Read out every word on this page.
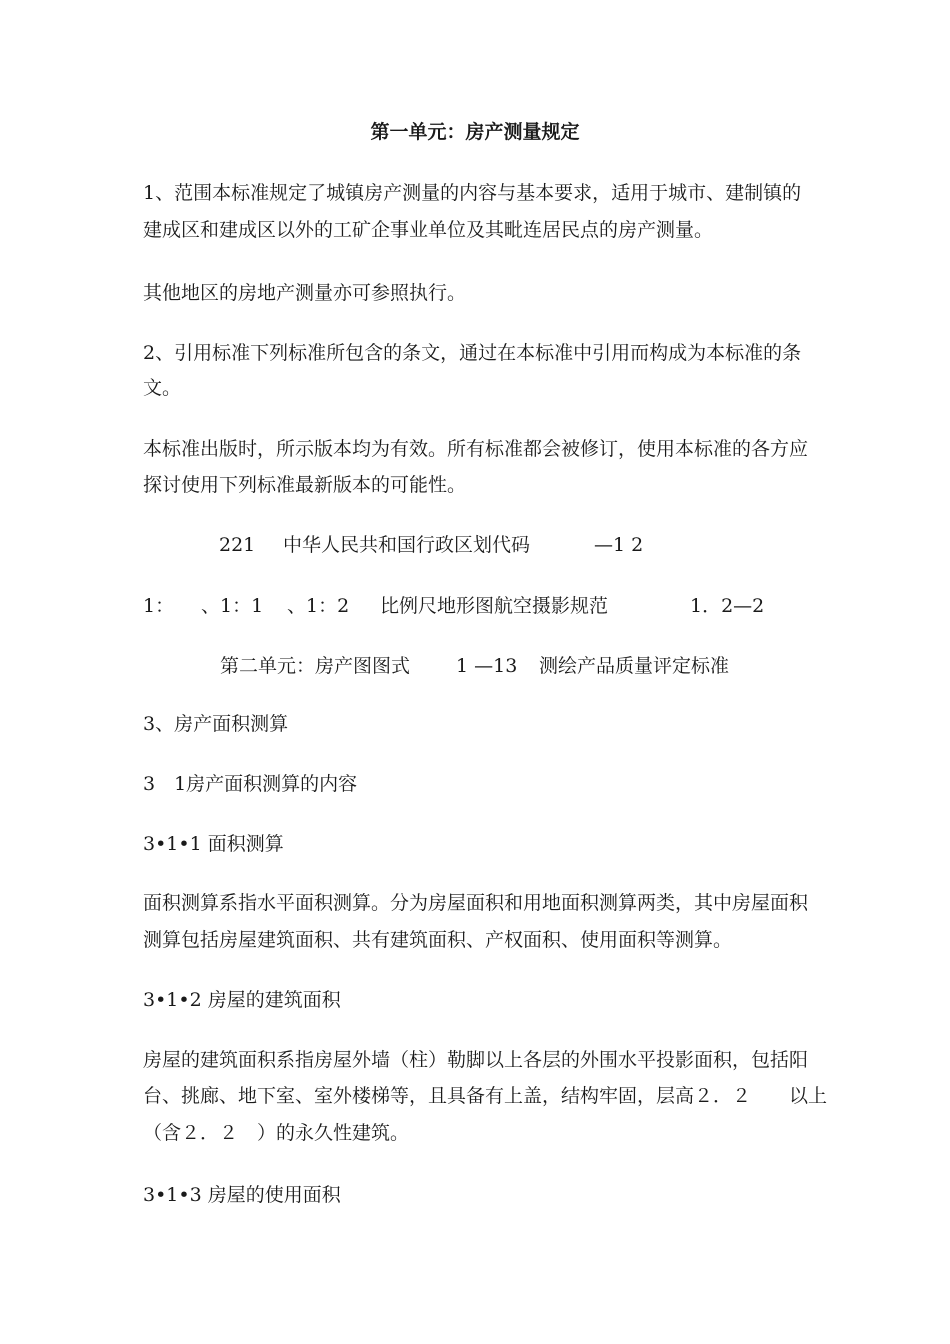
第一单元：房产测量规定

1、范围本标准规定了城镇房产测量的内容与基本要求，适用于城市、建制镇的

建成区和建成区以外的工矿企事业单位及其毗连居民点的房产测量。

其他地区的房地产测量亦可参照执行。

2、引用标准下列标准所包含的条文，通过在本标准中引用而构成为本标准的条

文。

本标准出版时，所示版本均为有效。所有标准都会被修订，使用本标准的各方应

探讨使用下列标准最新版本的可能性。

221 中华人民共和国行政区划代码	—1 2
1： 、1：1 、1：2 比例尺地形图航空摄影规范	1．2—2
第二单元：房产图图式 1 —13 测绘产品质量评定标准

3、房产面积测算

3　1房产面积测算的内容

3•1•1 面积测算

面积测算系指水平面积测算。分为房屋面积和用地面积测算两类，其中房屋面积

测算包括房屋建筑面积、共有建筑面积、产权面积、使用面积等测算。

3•1•2 房屋的建筑面积

房屋的建筑面积系指房屋外墙（柱）勒脚以上各层的外围水平投影面积，包括阳

台、挑廊、地下室、室外楼梯等，且具备有上盖，结构牢固，层高２．２　　以上

（含２．２　）的永久性建筑。

3•1•3 房屋的使用面积
